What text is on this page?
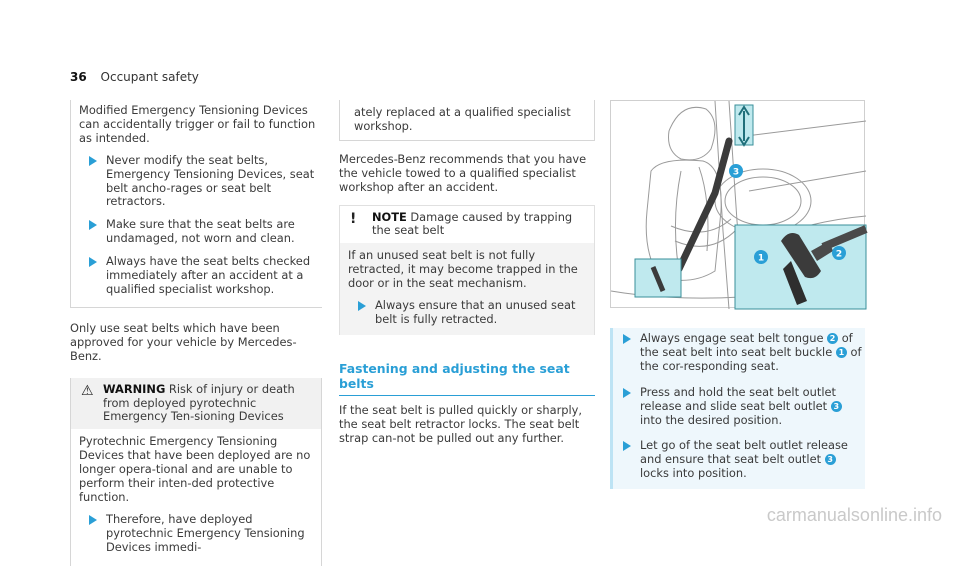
36 Occupant safety
Modified Emergency Tensioning Devices can accidentally trigger or fail to function as intended.
Never modify the seat belts, Emergency Tensioning Devices, seat belt ancho-rages or seat belt retractors.
Make sure that the seat belts are undamaged, not worn and clean.
Always have the seat belts checked immediately after an accident at a qualified specialist workshop.
Only use seat belts which have been approved for your vehicle by Mercedes-Benz.
⚠ WARNING Risk of injury or death from deployed pyrotechnic Emergency Ten-sioning Devices
Pyrotechnic Emergency Tensioning Devices that have been deployed are no longer opera-tional and are unable to perform their inten-ded protective function.
Therefore, have deployed pyrotechnic Emergency Tensioning Devices immedi-
ately replaced at a qualified specialist workshop.
Mercedes-Benz recommends that you have the vehicle towed to a qualified specialist workshop after an accident.
!	NOTE Damage caused by trapping the seat belt
If an unused seat belt is not fully retracted, it may become trapped in the door or in the seat mechanism.
Always ensure that an unused seat belt is fully retracted.
Fastening and adjusting the seat belts
If the seat belt is pulled quickly or sharply, the seat belt retractor locks. The seat belt strap can-not be pulled out any further.
3
1	2
Always engage seat belt tongue 2 of the seat belt into seat belt buckle 1 of the cor-responding seat.
Press and hold the seat belt outlet release and slide seat belt outlet 3 into the desired position.
Let go of the seat belt outlet release and ensure that seat belt outlet 3 locks into position.
carmanualsonline.info
